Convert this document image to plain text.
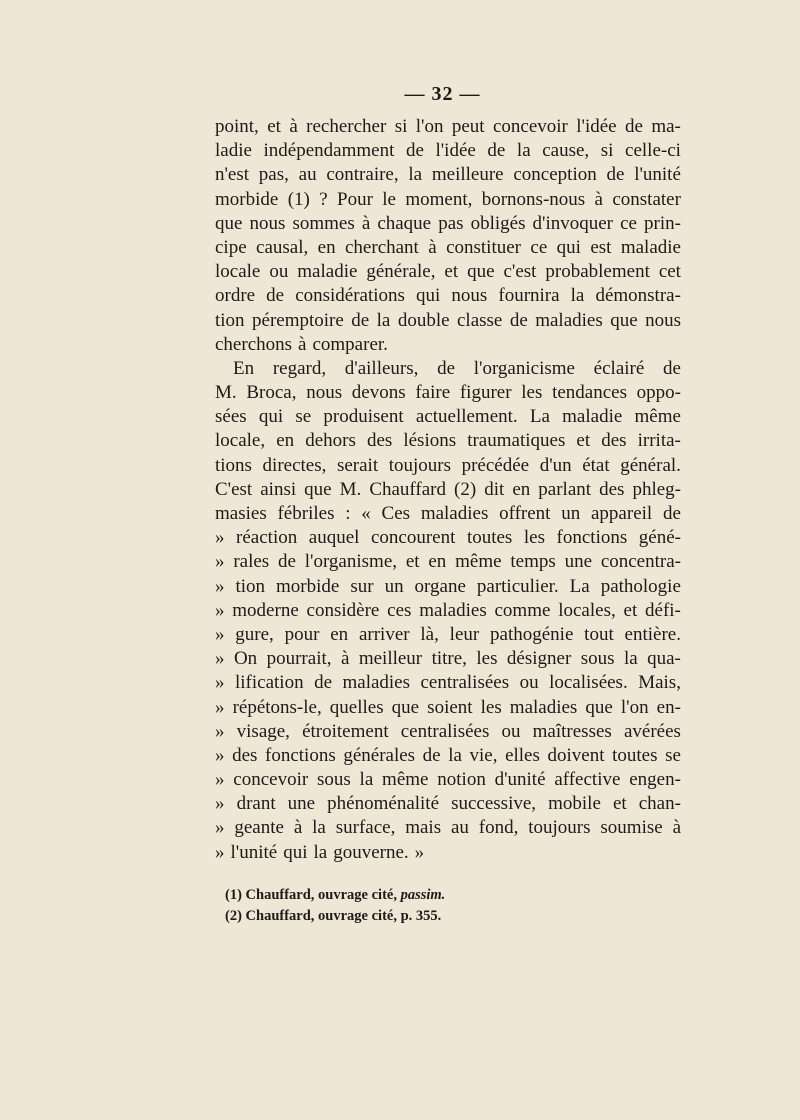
— 32 —
point, et à rechercher si l'on peut concevoir l'idée de ma-
ladie indépendamment de l'idée de la cause, si celle-ci
n'est pas, au contraire, la meilleure conception de l'unité
morbide (1) ? Pour le moment, bornons-nous à constater
que nous sommes à chaque pas obligés d'invoquer ce prin-
cipe causal, en cherchant à constituer ce qui est maladie
locale ou maladie générale, et que c'est probablement cet
ordre de considérations qui nous fournira la démonstra-
tion péremptoire de la double classe de maladies que nous
cherchons à comparer.
En regard, d'ailleurs, de l'organicisme éclairé de
M. Broca, nous devons faire figurer les tendances oppo-
sées qui se produisent actuellement. La maladie même
locale, en dehors des lésions traumatiques et des irrita-
tions directes, serait toujours précédée d'un état général.
C'est ainsi que M. Chauffard (2) dit en parlant des phleg-
masies fébriles : « Ces maladies offrent un appareil de
» réaction auquel concourent toutes les fonctions géné-
» rales de l'organisme, et en même temps une concentra-
» tion morbide sur un organe particulier. La pathologie
» moderne considère ces maladies comme locales, et défi-
» gure, pour en arriver là, leur pathogénie tout entière.
» On pourrait, à meilleur titre, les désigner sous la qua-
» lification de maladies centralisées ou localisées. Mais,
» répétons-le, quelles que soient les maladies que l'on en-
» visage, étroitement centralisées ou maîtresses avérées
» des fonctions générales de la vie, elles doivent toutes se
» concevoir sous la même notion d'unité affective engen-
» drant une phénoménalité successive, mobile et chan-
» geante à la surface, mais au fond, toujours soumise à
» l'unité qui la gouverne. »
(1) Chauffard, ouvrage cité, passim.
(2) Chauffard, ouvrage cité, p. 355.
